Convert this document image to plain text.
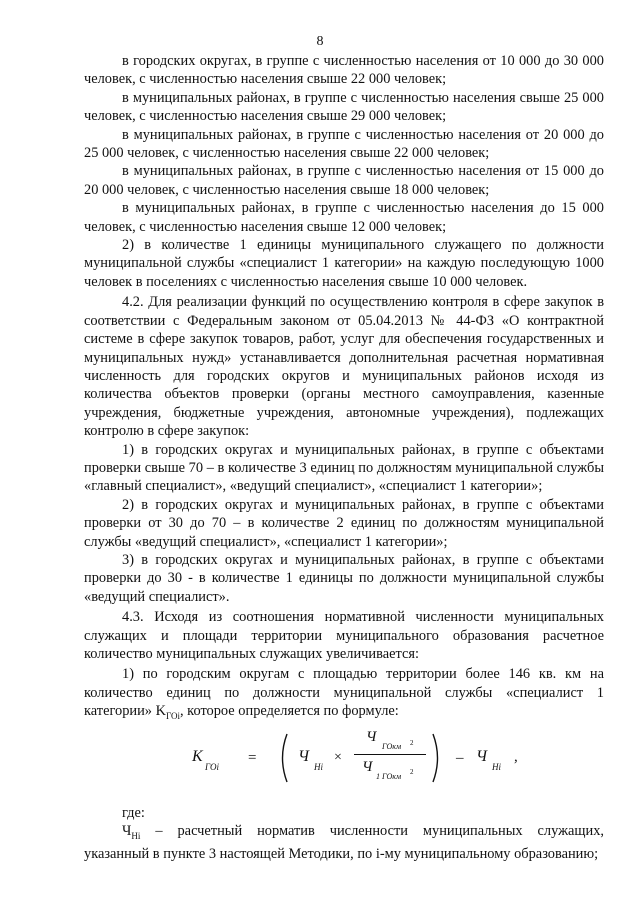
8

в городских округах, в группе с численностью населения от 10 000 до 30 000 человек, с численностью населения свыше 22 000 человек;

в муниципальных районах, в группе с численностью населения свыше 25 000 человек, с численностью населения свыше 29 000 человек;

в муниципальных районах, в группе с численностью населения от 20 000 до 25 000 человек, с численностью населения свыше 22 000 человек;

в муниципальных районах, в группе с численностью населения от 15 000 до 20 000 человек, с численностью населения свыше 18 000 человек;

в муниципальных районах, в группе с численностью населения до 15 000 человек, с численностью населения свыше 12 000 человек;

2) в количестве 1 единицы муниципального служащего по должности муниципальной службы «специалист 1 категории» на каждую последующую 1000 человек в поселениях с численностью населения свыше 10 000 человек.

4.2. Для реализации функций по осуществлению контроля в сфере закупок в соответствии с Федеральным законом от 05.04.2013 № 44-ФЗ «О контрактной системе в сфере закупок товаров, работ, услуг для обеспечения государственных и муниципальных нужд» устанавливается дополнительная расчетная нормативная численность для городских округов и муниципальных районов исходя из количества объектов проверки (органы местного самоуправления, казенные учреждения, бюджетные учреждения, автономные учреждения), подлежащих контролю в сфере закупок:

1) в городских округах и муниципальных районах, в группе с объектами проверки свыше 70 – в количестве 3 единиц по должностям муниципальной службы «главный специалист», «ведущий специалист», «специалист 1 категории»;

2) в городских округах и муниципальных районах, в группе с объектами проверки от 30 до 70 – в количестве 2 единиц по должностям муниципальной службы «ведущий специалист», «специалист 1 категории»;

3) в городских округах и муниципальных районах, в группе с объектами проверки до 30 - в количестве 1 единицы по должности муниципальной службы «ведущий специалист».

4.3. Исходя из соотношения нормативной численности муниципальных служащих и площади территории муниципального образования расчетное количество муниципальных служащих увеличивается:

1) по городским округам с площадью территории более 146 кв. км на количество единиц по должности муниципальной службы «специалист 1 категории» $K_{ГОi}$, которое определяется по формуле:

K
ГОi
=	Ч
Hi
×
Ч
ГОкм 2
Ч
1 ГОкм 2
– Ч
Hi
,

где:

$Ч_{Hi}$ – расчетный норматив численности муниципальных служащих, указанный в пункте 3 настоящей Методики, по i-му муниципальному образованию;
